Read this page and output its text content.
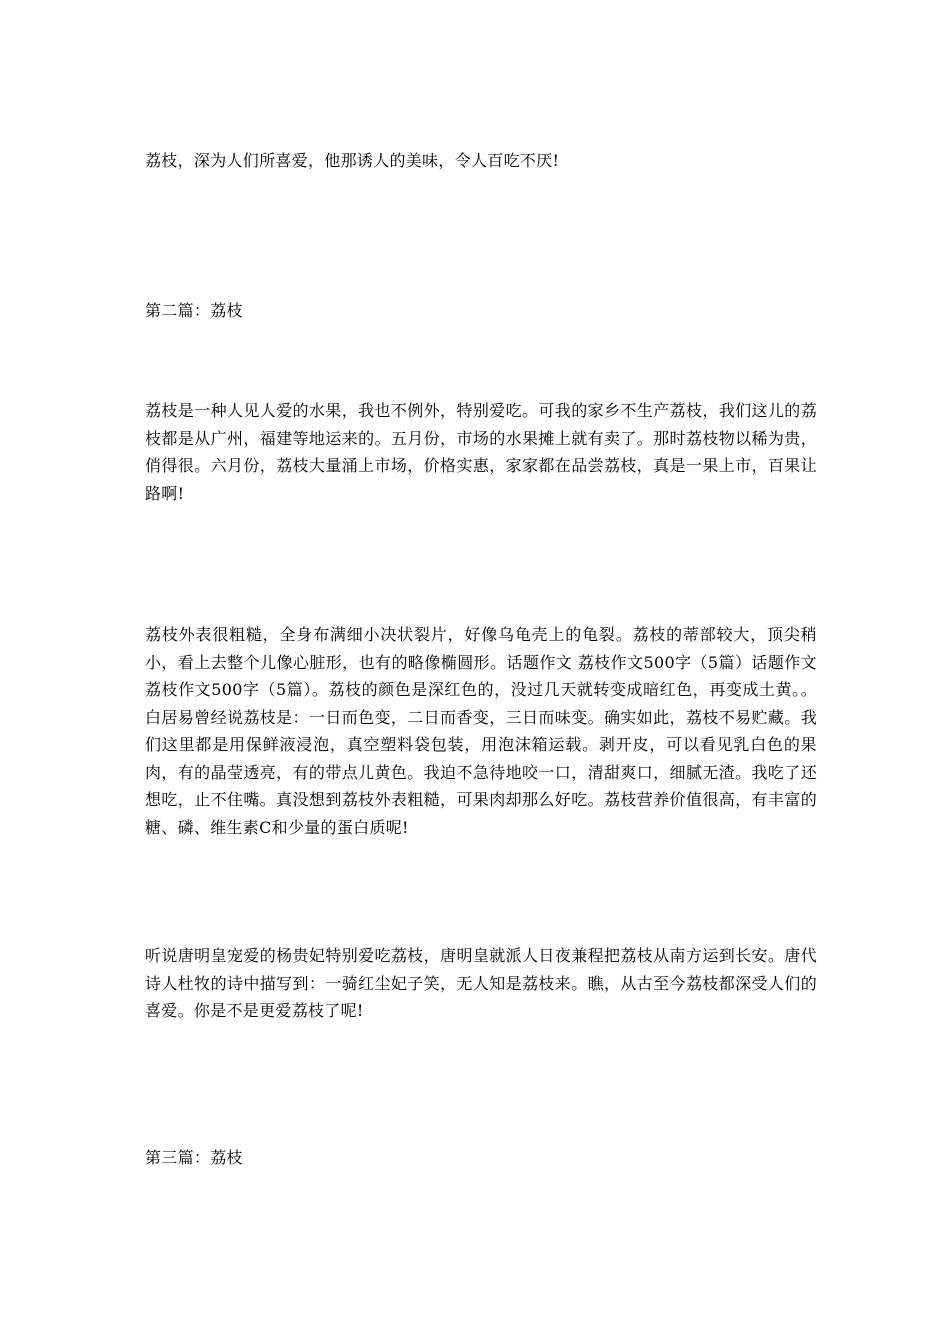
荔枝，深为人们所喜爱，他那诱人的美味，令人百吃不厌!

第二篇：荔枝

荔枝是一种人见人爱的水果，我也不例外，特别爱吃。可我的家乡不生产荔枝，我们这儿的荔枝都是从广州，福建等地运来的。五月份，市场的水果摊上就有卖了。那时荔枝物以稀为贵，俏得很。六月份，荔枝大量涌上市场，价格实惠，家家都在品尝荔枝，真是一果上市，百果让路啊!

荔枝外表很粗糙，全身布满细小决状裂片，好像乌龟壳上的龟裂。荔枝的蒂部较大，顶尖稍小，看上去整个儿像心脏形，也有的略像椭圆形。话题作文 荔枝作文500字（5篇）话题作文 荔枝作文500字（5篇）。荔枝的颜色是深红色的，没过几天就转变成暗红色，再变成土黄。。白居易曾经说荔枝是：一日而色变，二日而香变，三日而味变。确实如此，荔枝不易贮藏。我们这里都是用保鲜液浸泡，真空塑料袋包装，用泡沫箱运载。剥开皮，可以看见乳白色的果肉，有的晶莹透亮，有的带点儿黄色。我迫不急待地咬一口，清甜爽口，细腻无渣。我吃了还想吃，止不住嘴。真没想到荔枝外表粗糙，可果肉却那么好吃。荔枝营养价值很高，有丰富的糖、磷、维生素C和少量的蛋白质呢!

听说唐明皇宠爱的杨贵妃特别爱吃荔枝，唐明皇就派人日夜兼程把荔枝从南方运到长安。唐代诗人杜牧的诗中描写到：一骑红尘妃子笑，无人知是荔枝来。瞧，从古至今荔枝都深受人们的喜爱。你是不是更爱荔枝了呢!

第三篇：荔枝
